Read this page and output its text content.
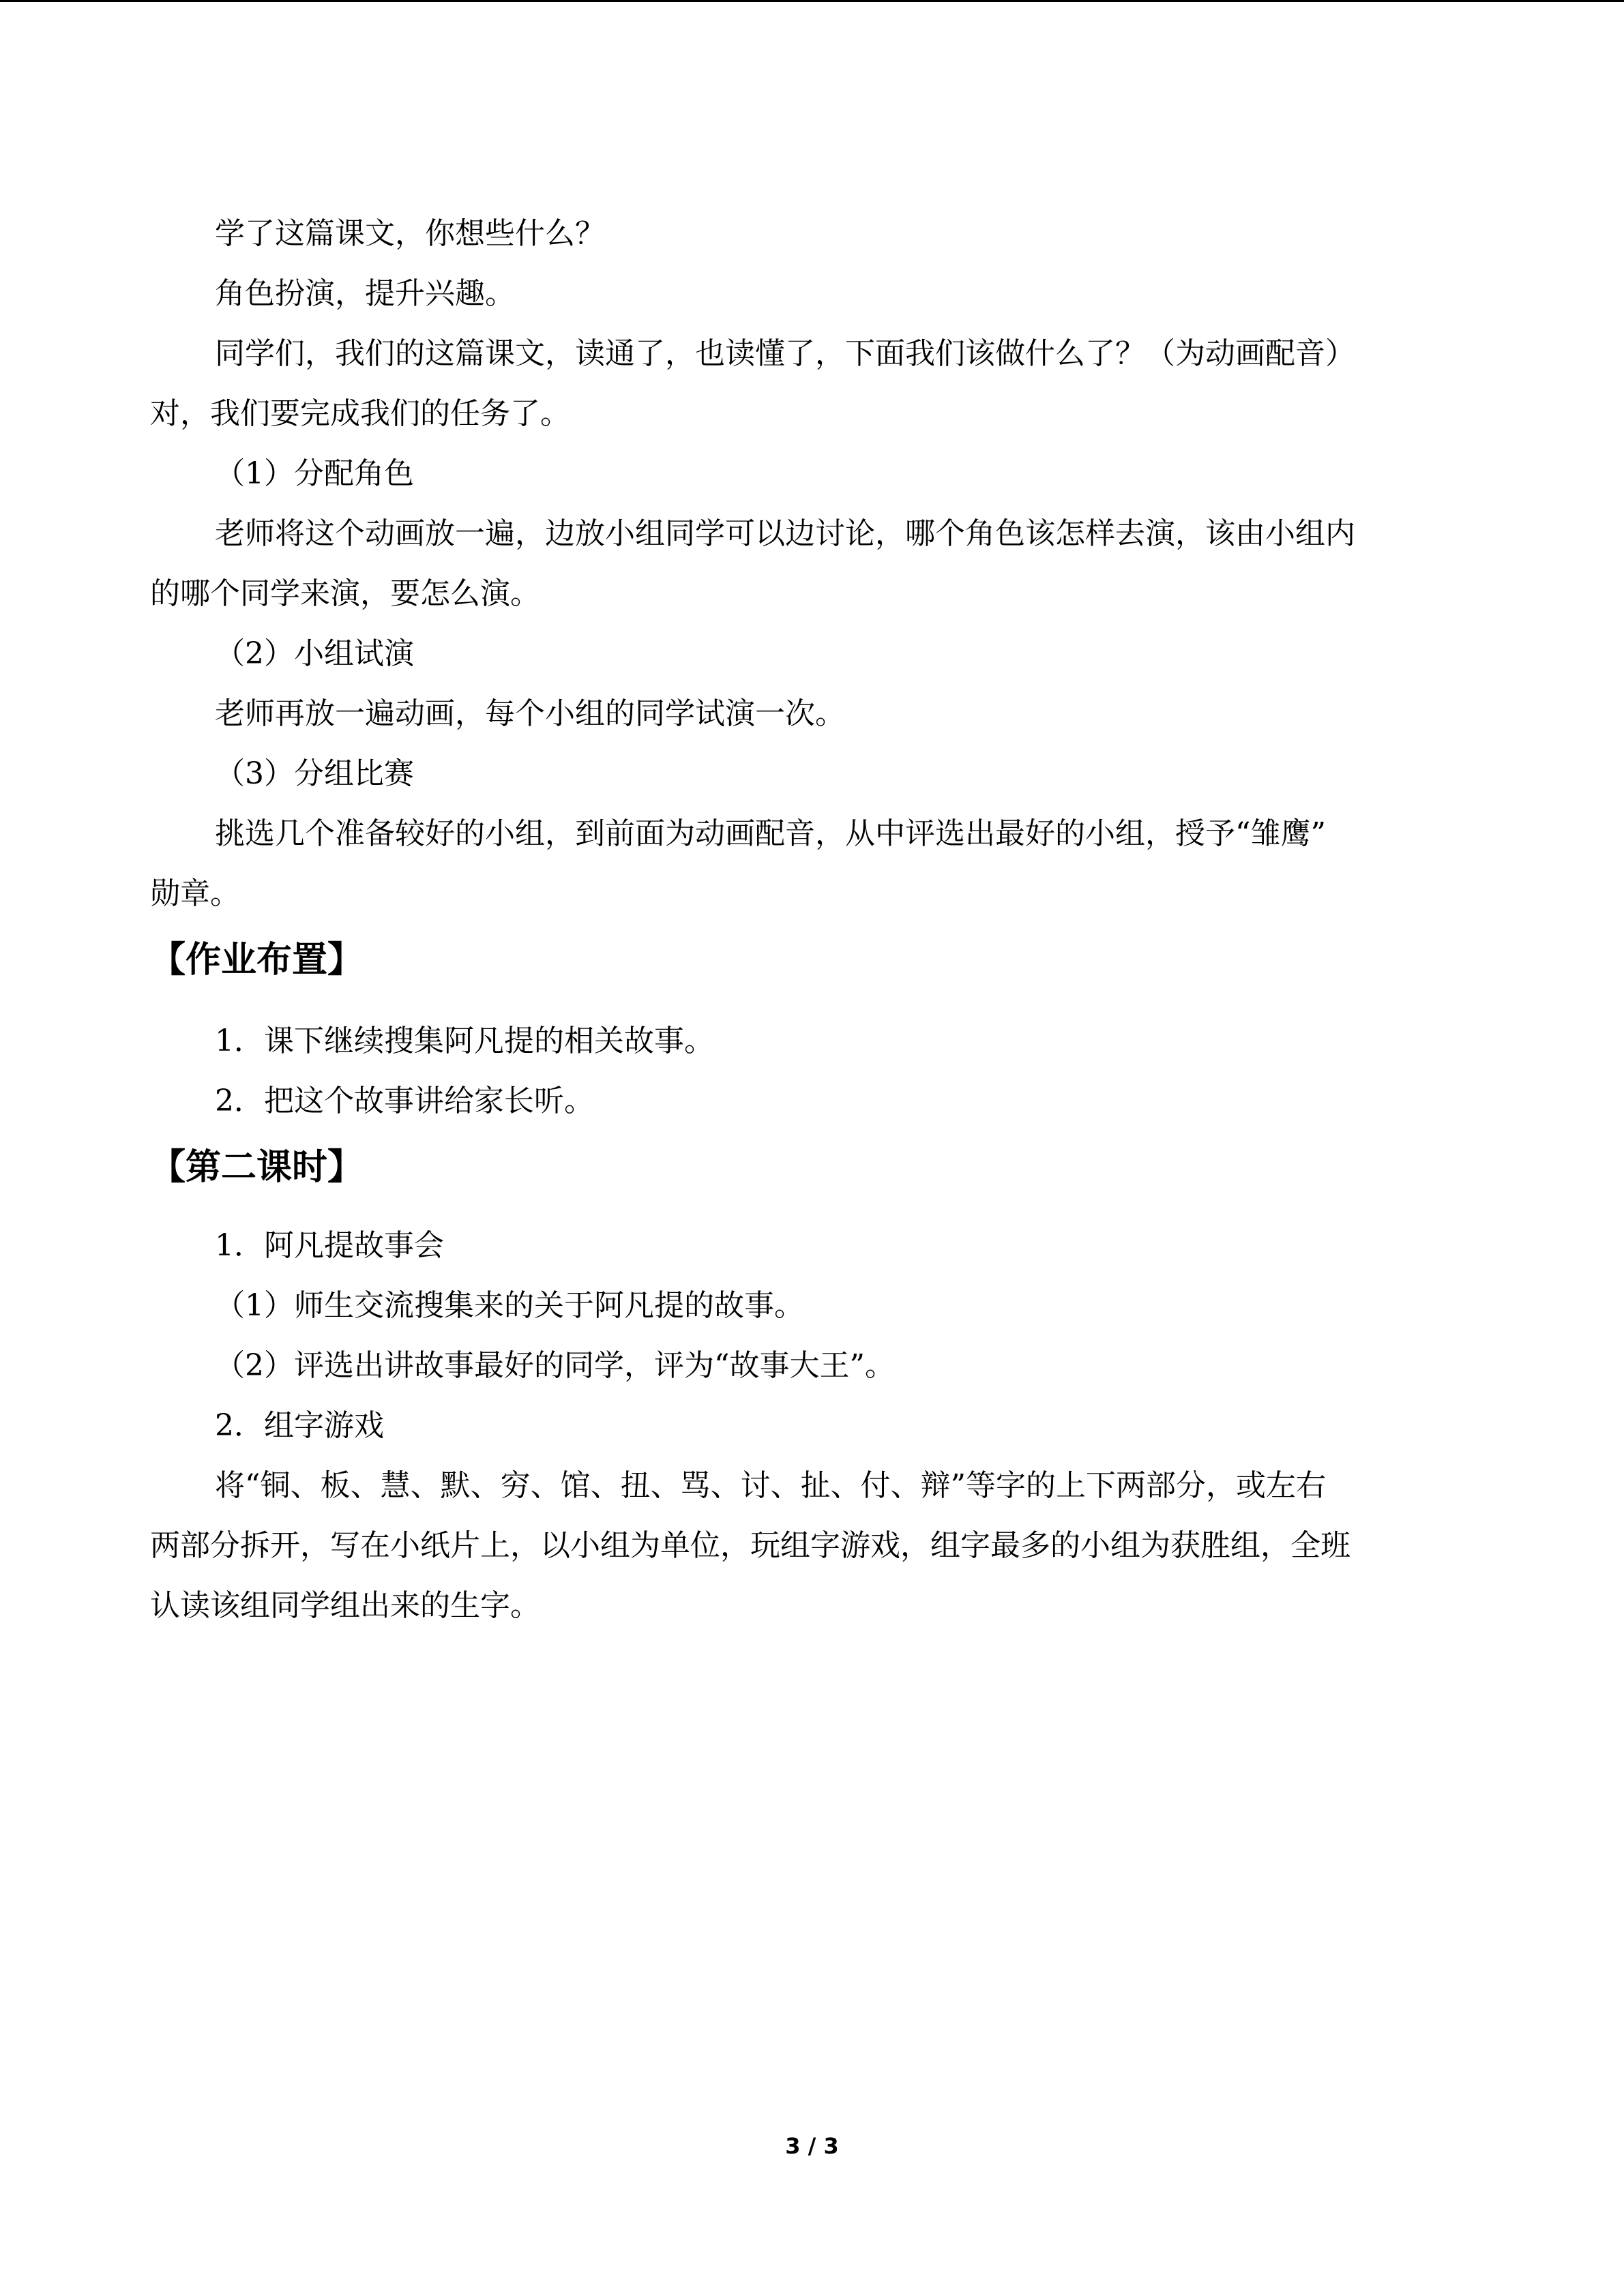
学了这篇课文，你想些什么？
角色扮演，提升兴趣。
同学们，我们的这篇课文，读通了，也读懂了，下面我们该做什么了？（为动画配音）
对，我们要完成我们的任务了。
（1）分配角色
老师将这个动画放一遍，边放小组同学可以边讨论，哪个角色该怎样去演，该由小组内
的哪个同学来演，要怎么演。
（2）小组试演
老师再放一遍动画，每个小组的同学试演一次。
（3）分组比赛
挑选几个准备较好的小组，到前面为动画配音，从中评选出最好的小组，授予“雏鹰”
勋章。
【作业布置】
1．课下继续搜集阿凡提的相关故事。
2．把这个故事讲给家长听。
【第二课时】
1．阿凡提故事会
（1）师生交流搜集来的关于阿凡提的故事。
（2）评选出讲故事最好的同学，评为“故事大王”。
2．组字游戏
将“铜、板、慧、默、穷、馆、扭、骂、讨、扯、付、辩”等字的上下两部分，或左右
两部分拆开，写在小纸片上，以小组为单位，玩组字游戏，组字最多的小组为获胜组，全班
认读该组同学组出来的生字。
3 / 3
